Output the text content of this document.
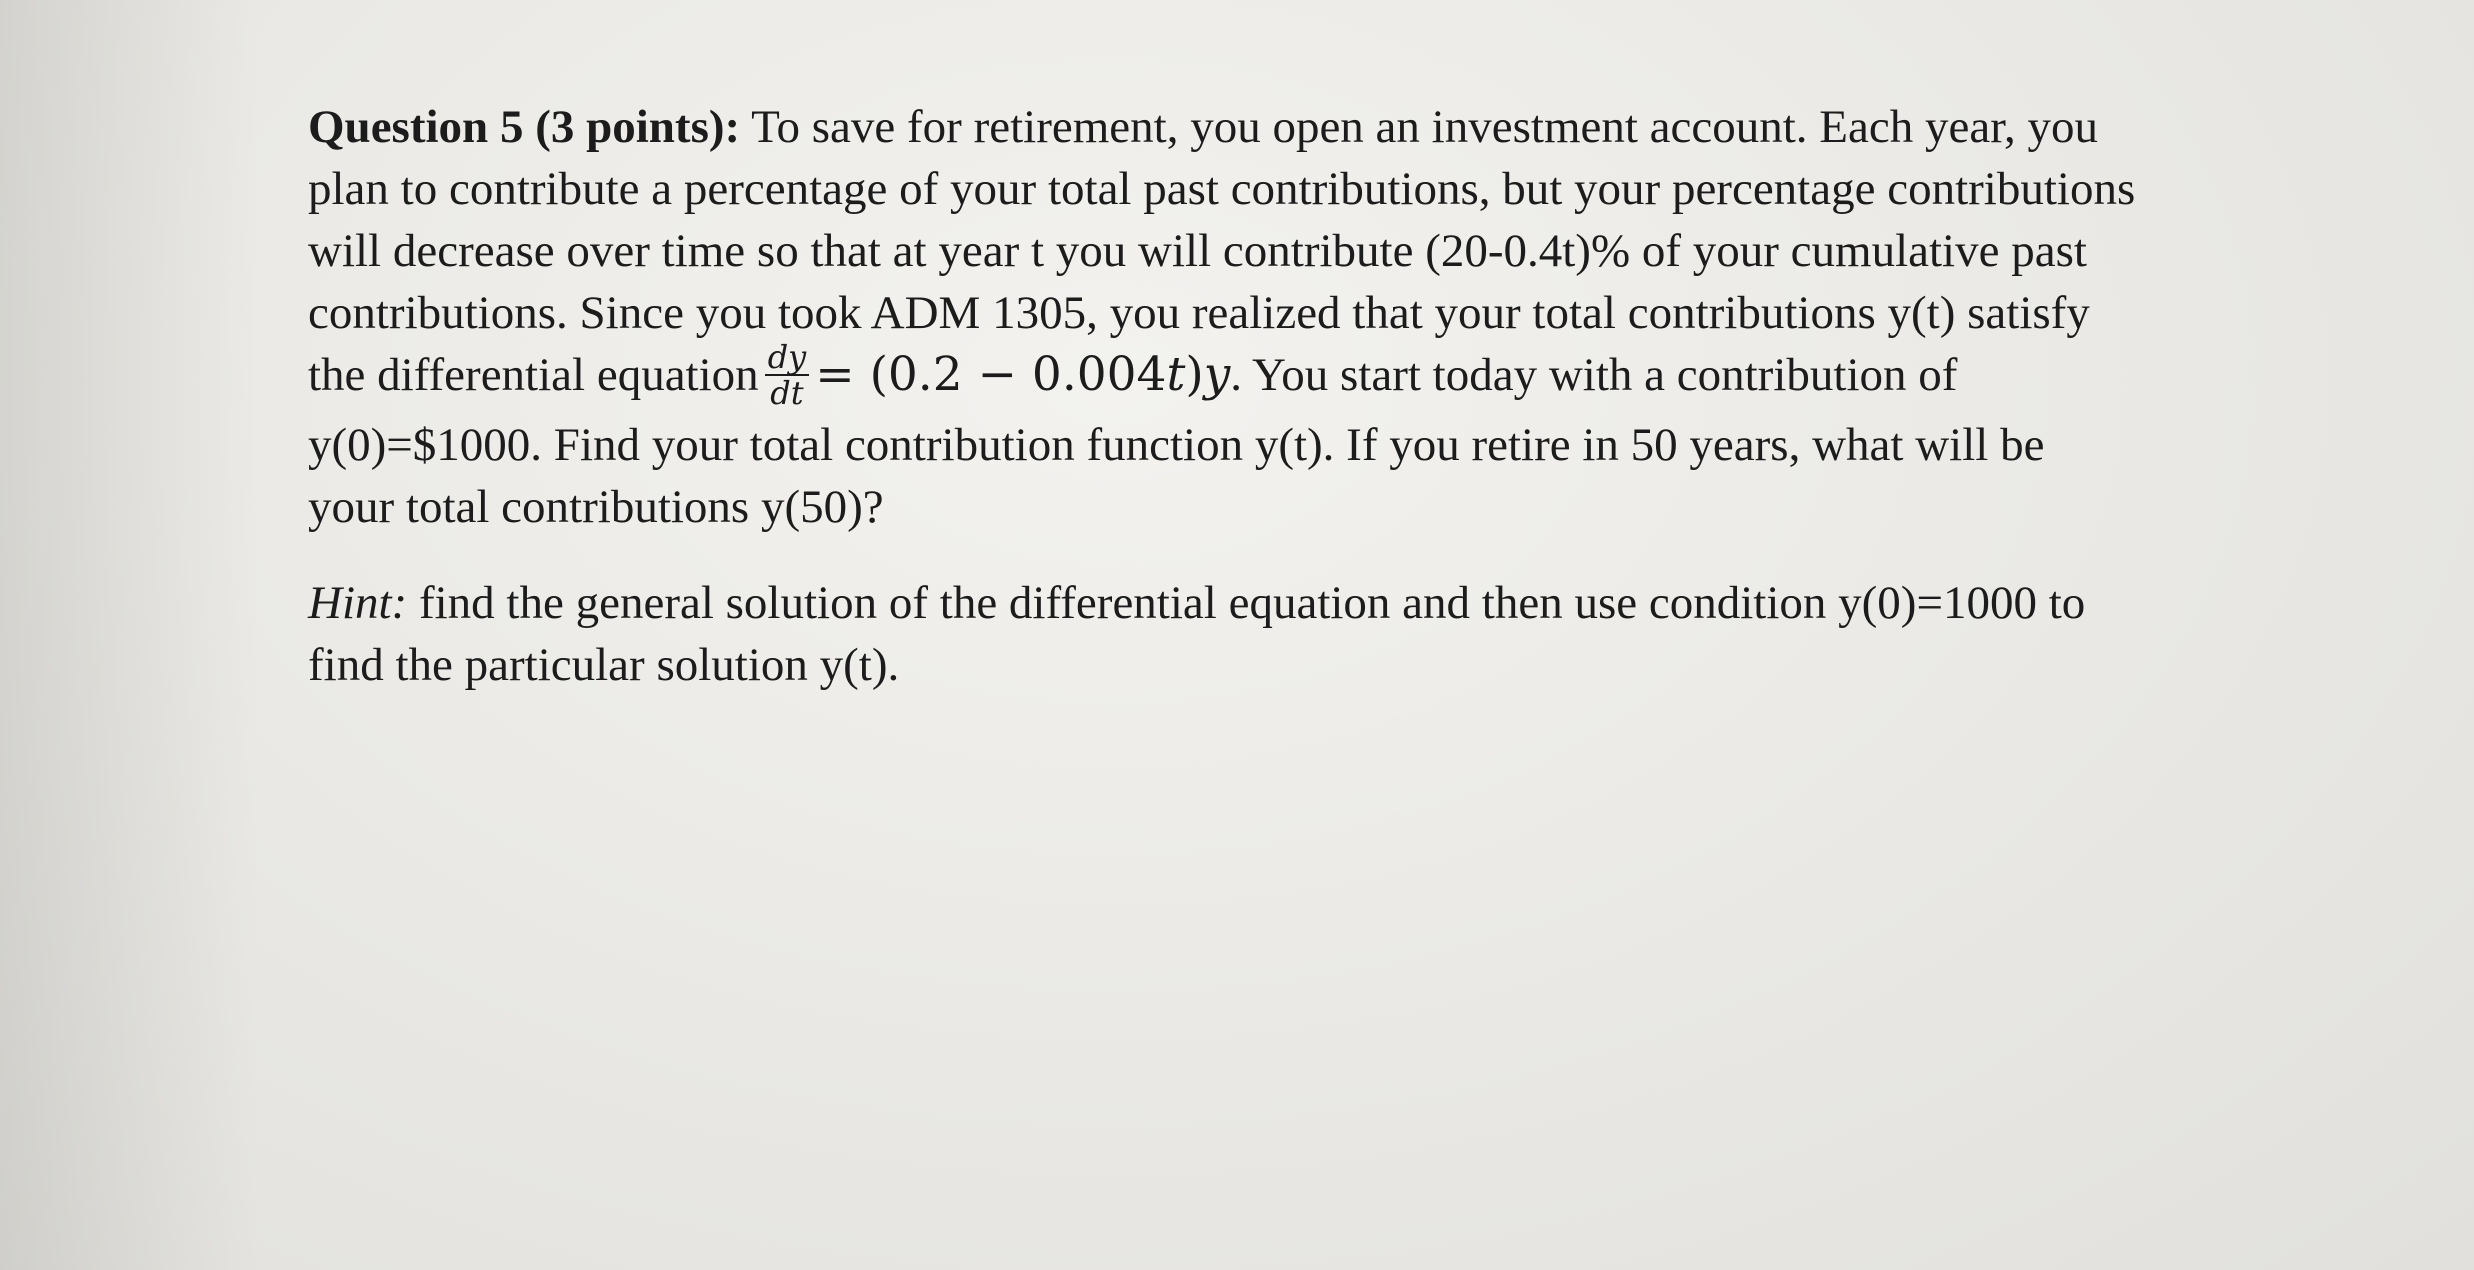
Question 5 (3 points): To save for retirement, you open an investment account. Each year, you
plan to contribute a percentage of your total past contributions, but your percentage contributions
will decrease over time so that at year t you will contribute (20-0.4t)% of your cumulative past
contributions. Since you took ADM 1305, you realized that your total contributions y(t) satisfy
the differential equation $\frac{dy}{dt} = (0.2 - 0.004t)y$. You start today with a contribution of
y(0)=$1000. Find your total contribution function y(t). If you retire in 50 years, what will be
your total contributions y(50)?
Hint: find the general solution of the differential equation and then use condition y(0)=1000 to
find the particular solution y(t).
